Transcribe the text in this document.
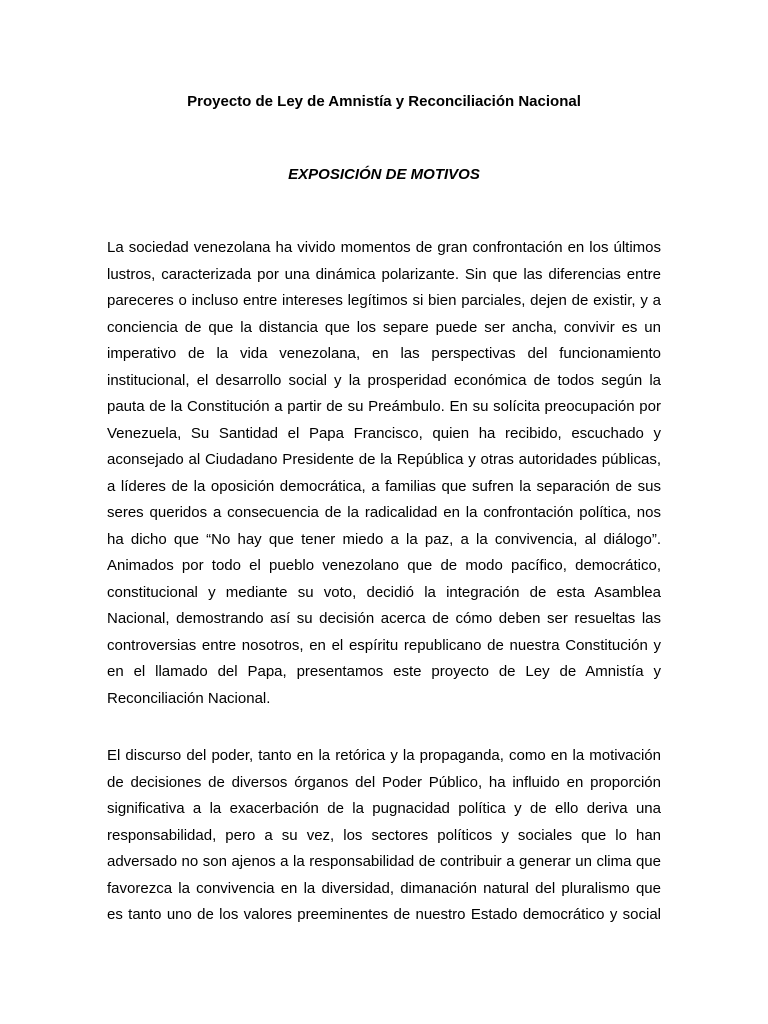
Proyecto de Ley de Amnistía y Reconciliación Nacional
EXPOSICIÓN DE MOTIVOS

La sociedad venezolana ha vivido momentos de gran confrontación en los últimos
lustros, caracterizada por una dinámica polarizante. Sin que las diferencias entre
pareceres o incluso entre intereses legítimos si bien parciales, dejen de existir, y a
conciencia de que la distancia que los separe puede ser ancha, convivir es un
imperativo de la vida venezolana, en las perspectivas del funcionamiento
institucional, el desarrollo social y la prosperidad económica de todos según la
pauta de la Constitución a partir de su Preámbulo. En su solícita preocupación por
Venezuela, Su Santidad el Papa Francisco, quien ha recibido, escuchado y
aconsejado al Ciudadano Presidente de la República y otras autoridades públicas,
a líderes de la oposición democrática, a familias que sufren la separación de sus
seres queridos a consecuencia de la radicalidad en la confrontación política, nos
ha dicho que “No hay que tener miedo a la paz, a la convivencia, al diálogo”.
Animados por todo el pueblo venezolano que de modo pacífico, democrático,
constitucional y mediante su voto, decidió la integración de esta Asamblea
Nacional, demostrando así su decisión acerca de cómo deben ser resueltas las
controversias entre nosotros, en el espíritu republicano de nuestra Constitución y
en el llamado del Papa, presentamos este proyecto de Ley de Amnistía y
Reconciliación Nacional.

El discurso del poder, tanto en la retórica y la propaganda, como en la motivación
de decisiones de diversos órganos del Poder Público, ha influido en proporción
significativa a la exacerbación de la pugnacidad política y de ello deriva una
responsabilidad, pero a su vez, los sectores políticos y sociales que lo han
adversado no son ajenos a la responsabilidad de contribuir a generar un clima que
favorezca la convivencia en la diversidad, dimanación natural del pluralismo que
es tanto uno de los valores preeminentes de nuestro Estado democrático y social
